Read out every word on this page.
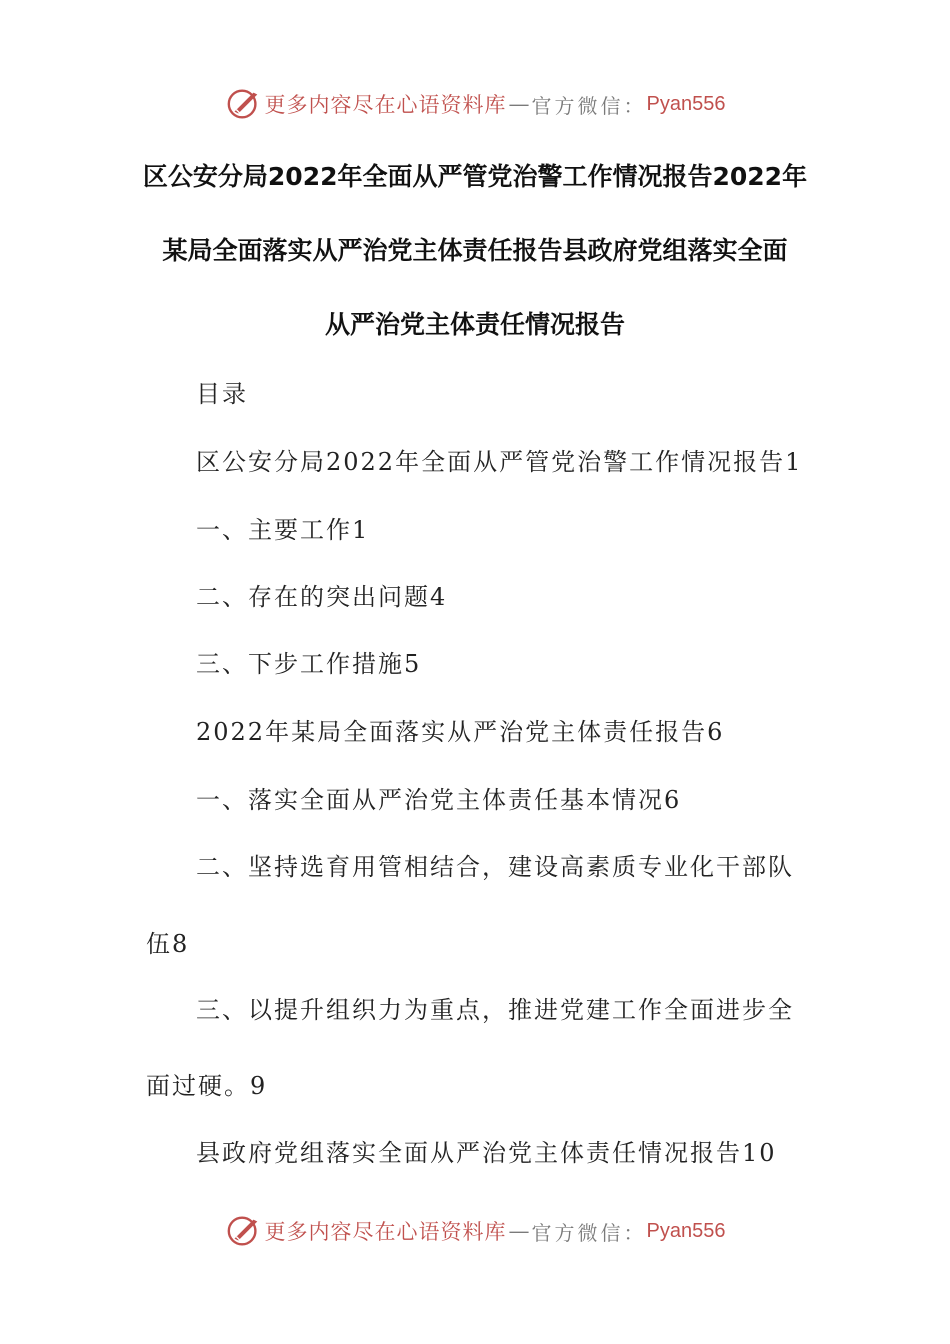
更多内容尽在心语资料库 — 官方微信： Pyan556
区公安分局2022年全面从严管党治警工作情况报告2022年
某局全面落实从严治党主体责任报告县政府党组落实全面
从严治党主体责任情况报告
目录
区公安分局2022年全面从严管党治警工作情况报告1
一、主要工作1
二、存在的突出问题4
三、下步工作措施5
2022年某局全面落实从严治党主体责任报告6
一、落实全面从严治党主体责任基本情况6
二、坚持选育用管相结合，建设高素质专业化干部队
伍8
三、以提升组织力为重点，推进党建工作全面进步全
面过硬。9
县政府党组落实全面从严治党主体责任情况报告10
更多内容尽在心语资料库 — 官方微信： Pyan556
